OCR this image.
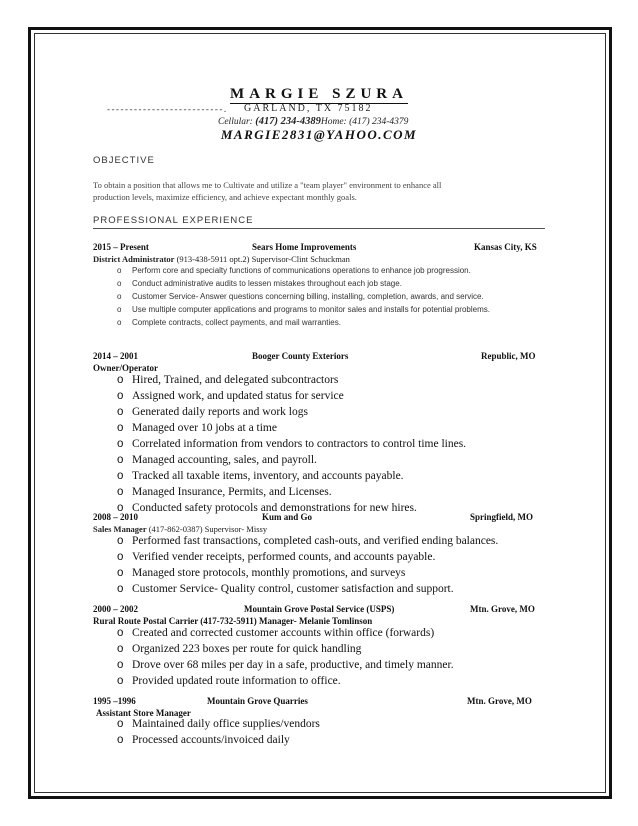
MARGIE SZURA
--------------------------. GARLAND, TX 75182
Cellular: (417) 234-4389Home: (417) 234-4379
MARGIE2831@YAHOO.COM
OBJECTIVE
To obtain a position that allows me to Cultivate and utilize a "team player" environment to enhance all
production levels, maximize efficiency, and achieve expectant monthly goals.
PROFESSIONAL EXPERIENCE
2015 – Present	Sears Home Improvements	Kansas City, KS
District Administrator (913-438-5911 opt.2) Supervisor-Clint Schuckman
o Perform core and specialty functions of communications operations to enhance job progression.
o Conduct administrative audits to lessen mistakes throughout each job stage.
o Customer Service- Answer questions concerning billing, installing, completion, awards, and service.
o Use multiple computer applications and programs to monitor sales and installs for potential problems.
o Complete contracts, collect payments, and mail warranties.
2014 – 2001	Booger County Exteriors	Republic, MO
Owner/Operator
o Hired, Trained, and delegated subcontractors
o Assigned work, and updated status for service
o Generated daily reports and work logs
o Managed over 10 jobs at a time
o Correlated information from vendors to contractors to control time lines.
o Managed accounting, sales, and payroll.
o Tracked all taxable items, inventory, and accounts payable.
o Managed Insurance, Permits, and Licenses.
o Conducted safety protocols and demonstrations for new hires.
2008 – 2010	Kum and Go	Springfield, MO
Sales Manager (417-862-0387) Supervisor- Missy
o Performed fast transactions, completed cash-outs, and verified ending balances.
o Verified vender receipts, performed counts, and accounts payable.
o Managed store protocols, monthly promotions, and surveys
o Customer Service- Quality control, customer satisfaction and support.
2000 – 2002	Mountain Grove Postal Service (USPS)	Mtn. Grove, MO
Rural Route Postal Carrier (417-732-5911) Manager- Melanie Tomlinson
o Created and corrected customer accounts within office (forwards)
o Organized 223 boxes per route for quick handling
o Drove over 68 miles per day in a safe, productive, and timely manner.
o Provided updated route information to office.
1995 –1996	Mountain Grove Quarries	Mtn. Grove, MO
Assistant Store Manager
o Maintained daily office supplies/vendors
o Processed accounts/invoiced daily
